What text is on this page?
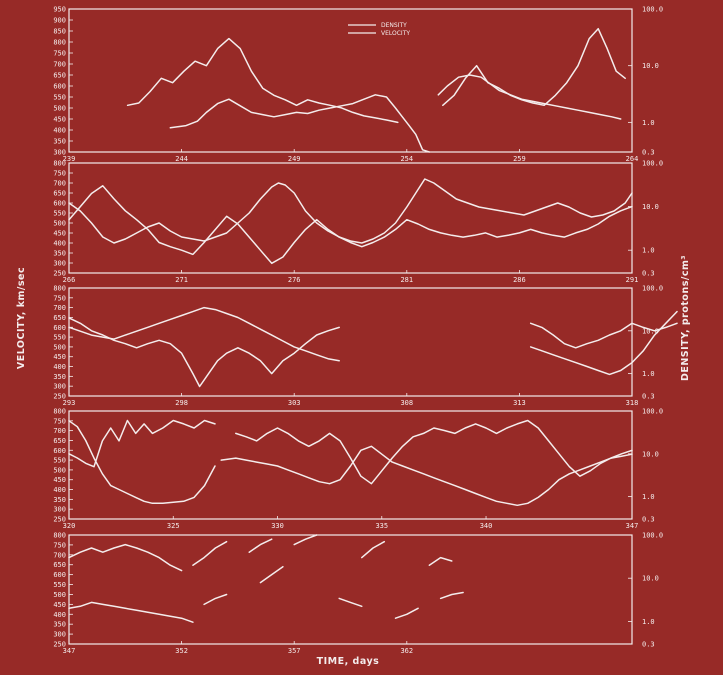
300
350
400
450
500
550
600
650
700
750
800
850
900
950	100.0
10.0
1.0
0.3
239	244	249	254	259	264
250
300
350
400
450
500
550
600
650
700
750
800	100.0
10.0
1.0
0.3
266	271	276	281	286	291
250
300
350
400
450
500
550
600
650
700
750
800	100.0
10.0
1.0
0.3
293	298	303	308	313	318
250
300
350
400
450
500
550
600
650
700
750
800	100.0
10.0
1.0
0.3
320	325	330	335	340	347
250
300
350
400
450
500
550
600
650
700
750
800	100.0
10.0
1.0
0.3
347	352	357	362
DENSITY
VELOCITY
TIME, days
VELOCITY, km/sec	DENSITY, protons/cm³
